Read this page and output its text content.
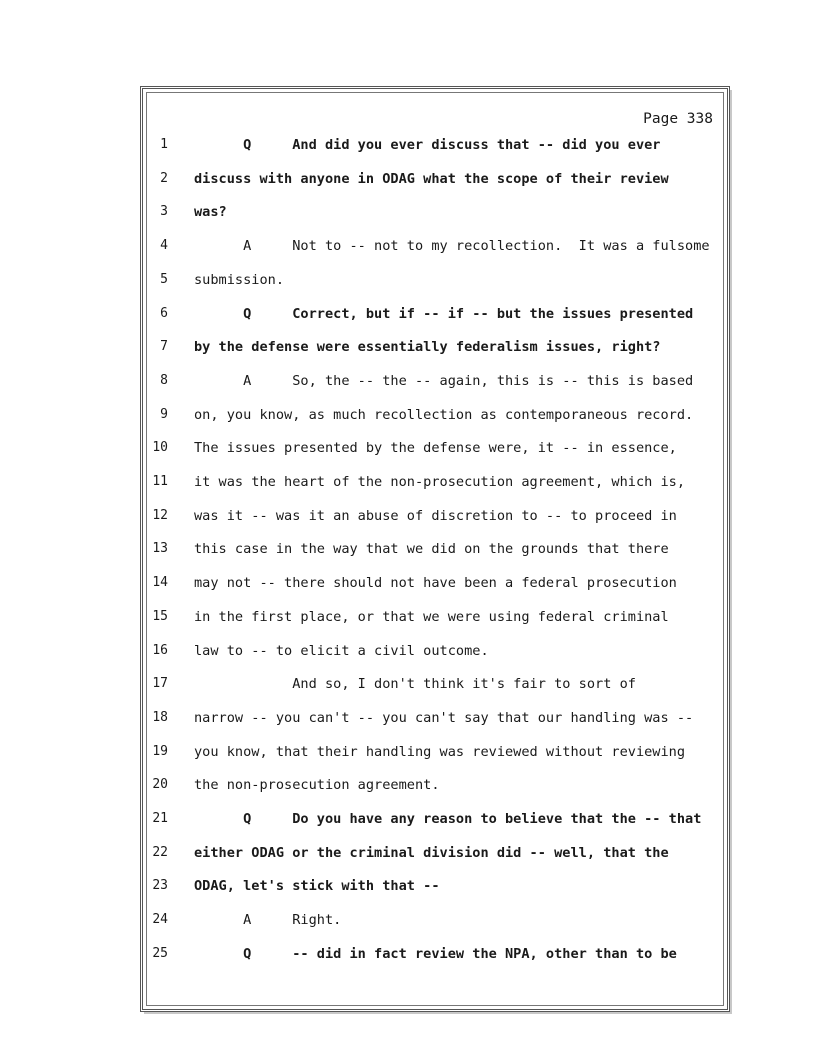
Page 338
1 Q     And did you ever discuss that -- did you ever
2 discuss with anyone in ODAG what the scope of their review
3 was?
4 A     Not to -- not to my recollection.  It was a fulsome
5 submission.
6 Q     Correct, but if -- if -- but the issues presented
7 by the defense were essentially federalism issues, right?
8 A     So, the -- the -- again, this is -- this is based
9 on, you know, as much recollection as contemporaneous record.
10 The issues presented by the defense were, it -- in essence,
11 it was the heart of the non-prosecution agreement, which is,
12 was it -- was it an abuse of discretion to -- to proceed in
13 this case in the way that we did on the grounds that there
14 may not -- there should not have been a federal prosecution
15 in the first place, or that we were using federal criminal
16 law to -- to elicit a civil outcome.
17 And so, I don't think it's fair to sort of
18 narrow -- you can't -- you can't say that our handling was --
19 you know, that their handling was reviewed without reviewing
20 the non-prosecution agreement.
21 Q     Do you have any reason to believe that the -- that
22 either ODAG or the criminal division did -- well, that the
23 ODAG, let's stick with that --
24 A     Right.
25 Q     -- did in fact review the NPA, other than to be
